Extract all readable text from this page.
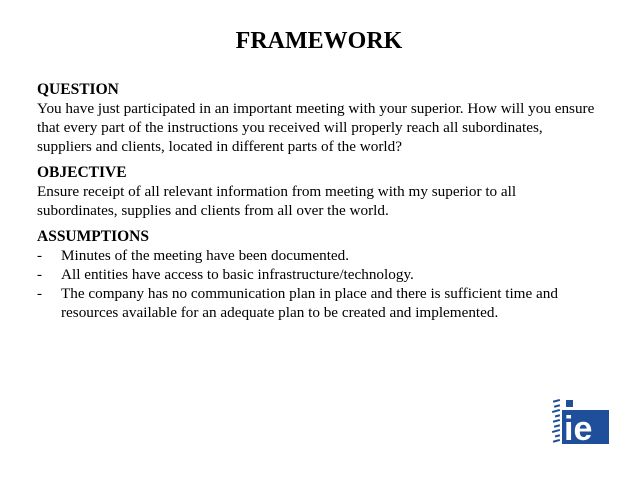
FRAMEWORK
QUESTION
You have just participated in an important meeting with your superior. How will you ensure that every part of the instructions you received will properly reach all subordinates, suppliers and clients, located in different parts of the world?
OBJECTIVE
Ensure receipt of all relevant information from meeting with my superior to all subordinates, supplies and clients from all over the world.
ASSUMPTIONS
- Minutes of the meeting have been documented.
- All entities have access to basic infrastructure/technology.
- The company has no communication plan in place and there is sufficient time and resources available for an adequate plan to be created and implemented.
ie
